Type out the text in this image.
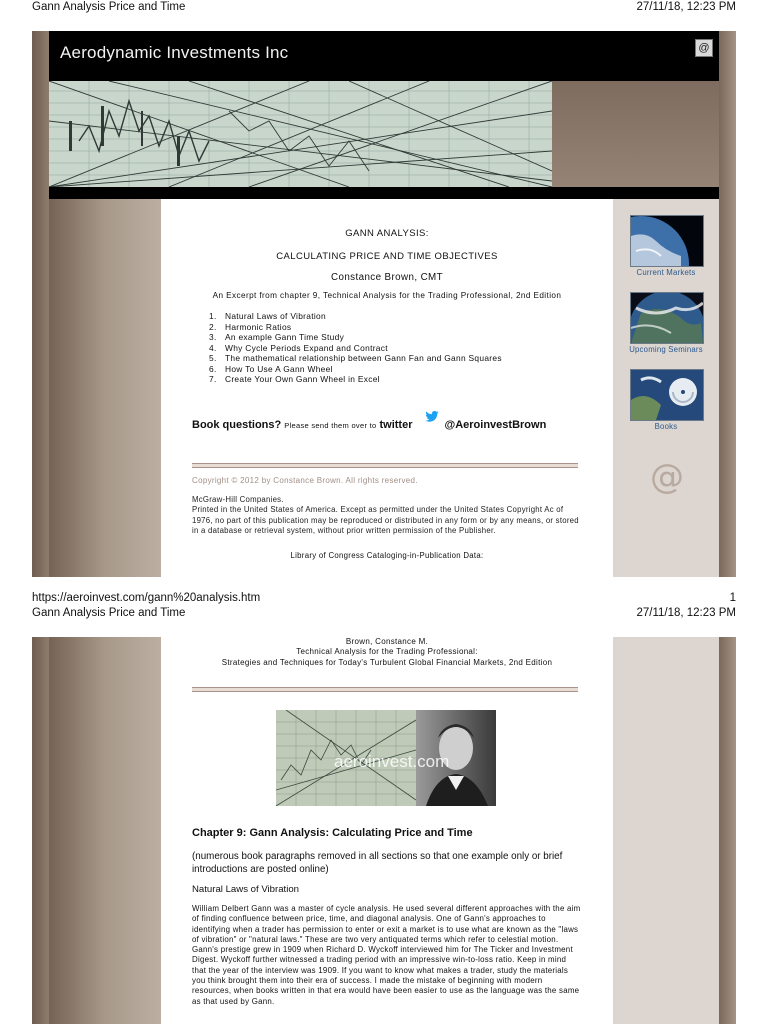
Gann Analysis Price and Time	27/11/18, 12:23 PM
Aerodynamic Investments Inc	@
GANN ANALYSIS:
CALCULATING PRICE AND TIME OBJECTIVES
Constance Brown, CMT
An Excerpt from chapter 9, Technical Analysis for the Trading Professional, 2nd Edition
1. Natural Laws of Vibration
2. Harmonic Ratios
3. An example Gann Time Study
4. Why Cycle Periods Expand and Contract
5. The mathematical relationship between Gann Fan and Gann Squares
6. How To Use A Gann Wheel
7. Create Your Own Gann Wheel in Excel
Book questions? Please send them over to twitter	@AeroinvestBrown
Copyright © 2012 by Constance Brown. All rights reserved.
McGraw-Hill Companies.
Printed in the United States of America. Except as permitted under the United States Copyright Ac of 1976, no part of this publication may be reproduced or distributed in any form or by any means, or stored in a database or retrieval system, without prior written permission of the Publisher.
Library of Congress Cataloging-in-Publication Data:
Current Markets
Upcoming Seminars
Books
@
https://aeroinvest.com/gann%20analysis.htm	1
Gann Analysis Price and Time	27/11/18, 12:23 PM
Brown, Constance M.
Technical Analysis for the Trading Professional:
Strategies and Techniques for Today's Turbulent Global Financial Markets, 2nd Edition
aeroinvest.com
Chapter 9: Gann Analysis: Calculating Price and Time
(numerous book paragraphs removed in all sections so that one example only or brief introductions are posted online)
Natural Laws of Vibration
William Delbert Gann was a master of cycle analysis. He used several different approaches with the aim of finding confluence between price, time, and diagonal analysis. One of Gann's approaches to identifying when a trader has permission to enter or exit a market is to use what are known as the "laws of vibration" or "natural laws." These are two very antiquated terms which refer to celestial motion. Gann's prestige grew in 1909 when Richard D. Wyckoff interviewed him for The Ticker and Investment Digest. Wyckoff further witnessed a trading period with an impressive win-to-loss ratio. Keep in mind that the year of the interview was 1909. If you want to know what makes a trader, study the materials you think brought them into their era of success. I made the mistake of beginning with modern resources, when books written in that era would have been easier to use as the language was the same as that used by Gann.
